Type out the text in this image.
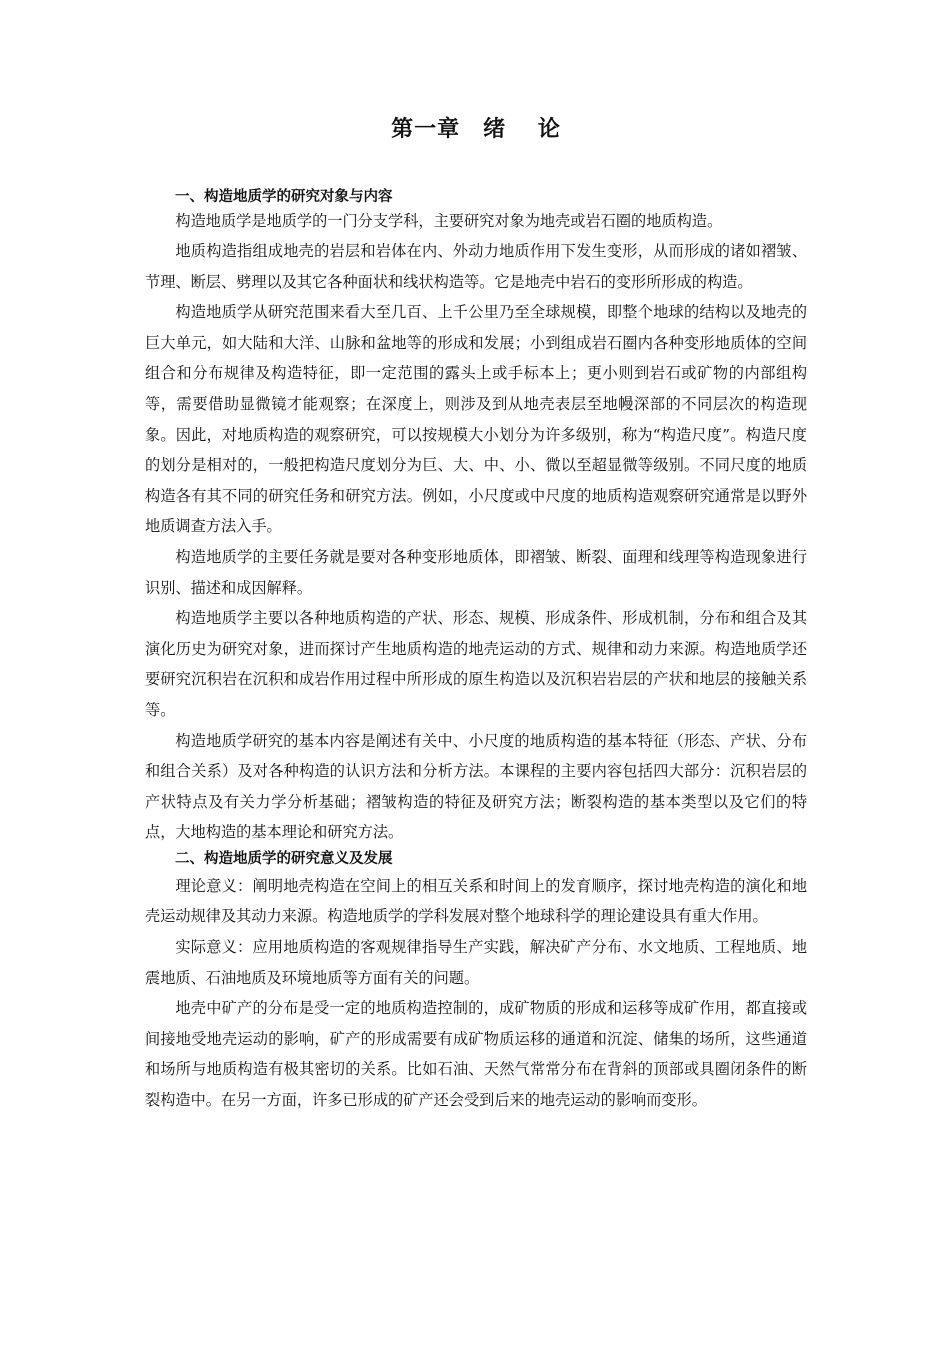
第一章　绪　 论
一、构造地质学的研究对象与内容

构造地质学是地质学的一门分支学科，主要研究对象为地壳或岩石圈的地质构造。

地质构造指组成地壳的岩层和岩体在内、外动力地质作用下发生变形，从而形成的诸如褶皱、节理、断层、劈理以及其它各种面状和线状构造等。它是地壳中岩石的变形所形成的构造。

构造地质学从研究范围来看大至几百、上千公里乃至全球规模，即整个地球的结构以及地壳的巨大单元，如大陆和大洋、山脉和盆地等的形成和发展；小到组成岩石圈内各种变形地质体的空间组合和分布规律及构造特征，即一定范围的露头上或手标本上；更小则到岩石或矿物的内部组构等，需要借助显微镜才能观察；在深度上，则涉及到从地壳表层至地幔深部的不同层次的构造现象。因此，对地质构造的观察研究，可以按规模大小划分为许多级别，称为“构造尺度”。构造尺度的划分是相对的，一般把构造尺度划分为巨、大、中、小、微以至超显微等级别。不同尺度的地质构造各有其不同的研究任务和研究方法。例如，小尺度或中尺度的地质构造观察研究通常是以野外地质调查方法入手。

构造地质学的主要任务就是要对各种变形地质体，即褶皱、断裂、面理和线理等构造现象进行识别、描述和成因解释。

构造地质学主要以各种地质构造的产状、形态、规模、形成条件、形成机制，分布和组合及其演化历史为研究对象，进而探讨产生地质构造的地壳运动的方式、规律和动力来源。构造地质学还要研究沉积岩在沉积和成岩作用过程中所形成的原生构造以及沉积岩岩层的产状和地层的接触关系等。

构造地质学研究的基本内容是阐述有关中、小尺度的地质构造的基本特征（形态、产状、分布和组合关系）及对各种构造的认识方法和分析方法。本课程的主要内容包括四大部分：沉积岩层的产状特点及有关力学分析基础；褶皱构造的特征及研究方法；断裂构造的基本类型以及它们的特点，大地构造的基本理论和研究方法。

二、构造地质学的研究意义及发展

理论意义：阐明地壳构造在空间上的相互关系和时间上的发育顺序，探讨地壳构造的演化和地壳运动规律及其动力来源。构造地质学的学科发展对整个地球科学的理论建设具有重大作用。

实际意义：应用地质构造的客观规律指导生产实践，解决矿产分布、水文地质、工程地质、地震地质、石油地质及环境地质等方面有关的问题。

地壳中矿产的分布是受一定的地质构造控制的，成矿物质的形成和运移等成矿作用，都直接或间接地受地壳运动的影响，矿产的形成需要有成矿物质运移的通道和沉淀、储集的场所，这些通道和场所与地质构造有极其密切的关系。比如石油、天然气常常分布在背斜的顶部或具圈闭条件的断裂构造中。在另一方面，许多已形成的矿产还会受到后来的地壳运动的影响而变形。
